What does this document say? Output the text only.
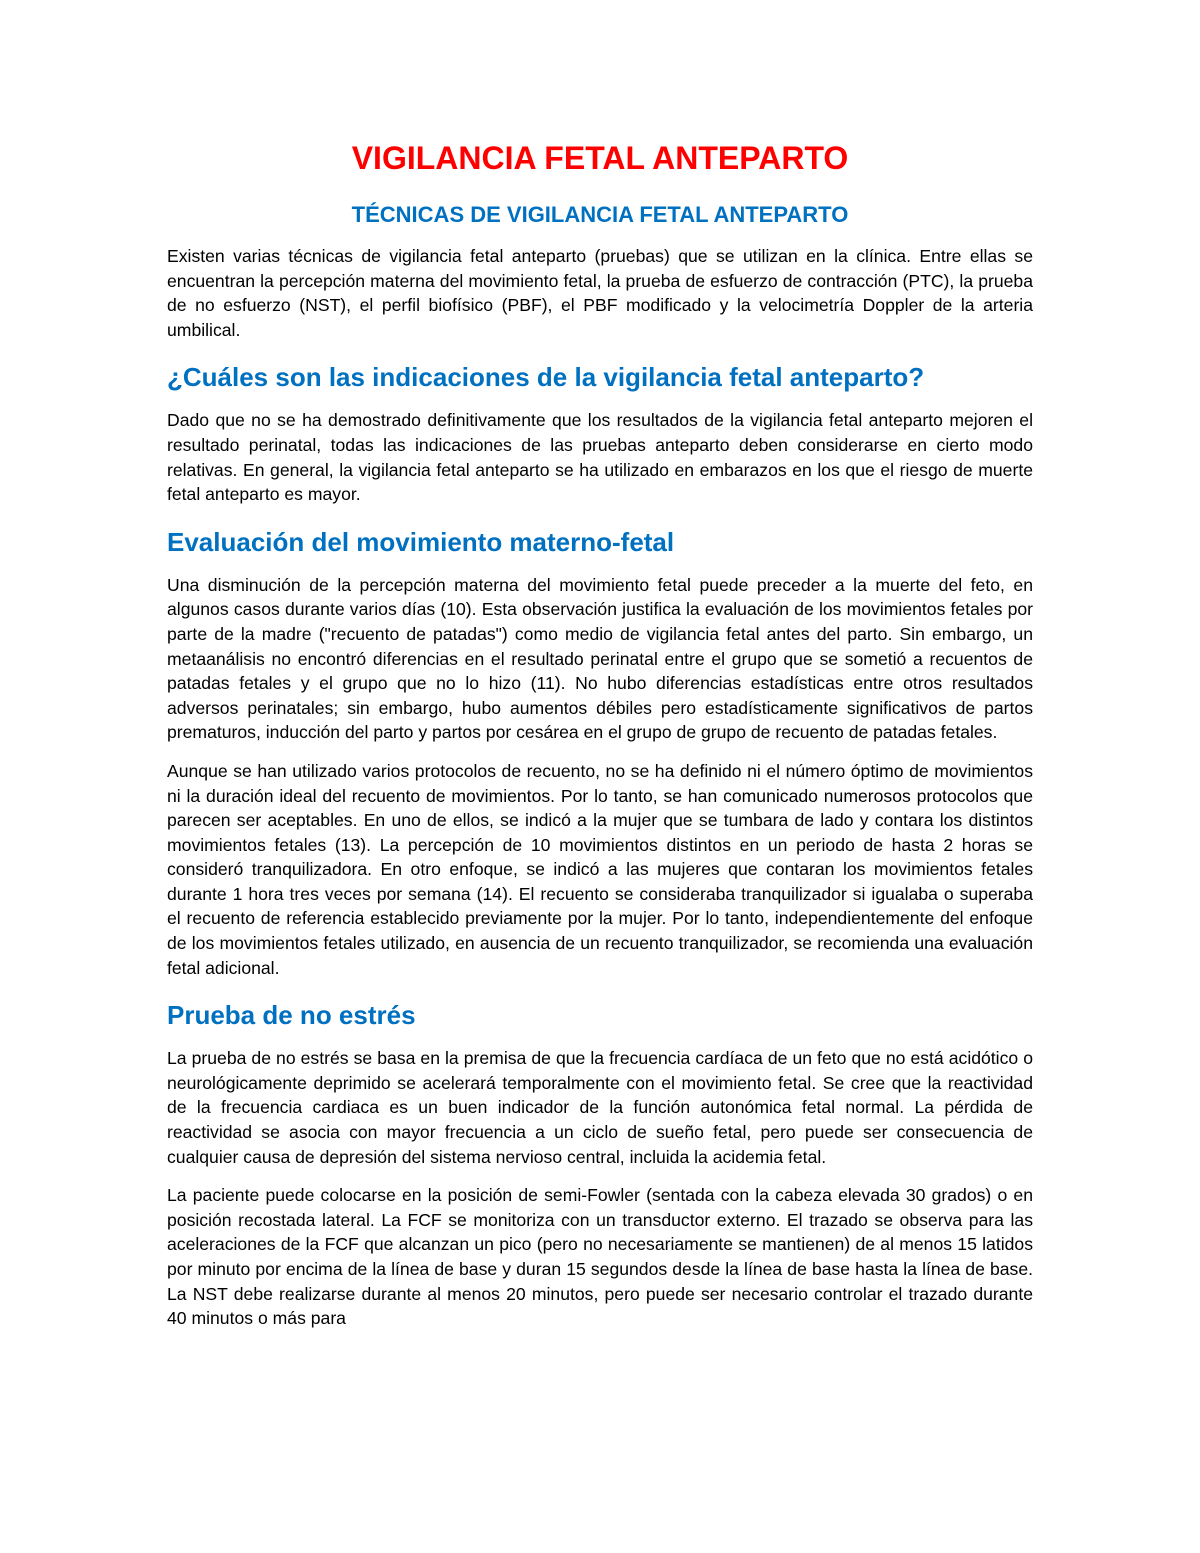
VIGILANCIA FETAL ANTEPARTO
TÉCNICAS DE VIGILANCIA FETAL ANTEPARTO

Existen varias técnicas de vigilancia fetal anteparto (pruebas) que se utilizan en la clínica. Entre ellas se encuentran la percepción materna del movimiento fetal, la prueba de esfuerzo de contracción (PTC), la prueba de no esfuerzo (NST), el perfil biofísico (PBF), el PBF modificado y la velocimetría Doppler de la arteria umbilical.

¿Cuáles son las indicaciones de la vigilancia fetal anteparto?

Dado que no se ha demostrado definitivamente que los resultados de la vigilancia fetal anteparto mejoren el resultado perinatal, todas las indicaciones de las pruebas anteparto deben considerarse en cierto modo relativas. En general, la vigilancia fetal anteparto se ha utilizado en embarazos en los que el riesgo de muerte fetal anteparto es mayor.

Evaluación del movimiento materno-fetal

Una disminución de la percepción materna del movimiento fetal puede preceder a la muerte del feto, en algunos casos durante varios días (10). Esta observación justifica la evaluación de los movimientos fetales por parte de la madre ("recuento de patadas") como medio de vigilancia fetal antes del parto. Sin embargo, un metaanálisis no encontró diferencias en el resultado perinatal entre el grupo que se sometió a recuentos de patadas fetales y el grupo que no lo hizo (11). No hubo diferencias estadísticas entre otros resultados adversos perinatales; sin embargo, hubo aumentos débiles pero estadísticamente significativos de partos prematuros, inducción del parto y partos por cesárea en el grupo de grupo de recuento de patadas fetales.

Aunque se han utilizado varios protocolos de recuento, no se ha definido ni el número óptimo de movimientos ni la duración ideal del recuento de movimientos. Por lo tanto, se han comunicado numerosos protocolos que parecen ser aceptables. En uno de ellos, se indicó a la mujer que se tumbara de lado y contara los distintos movimientos fetales (13). La percepción de 10 movimientos distintos en un periodo de hasta 2 horas se consideró tranquilizadora. En otro enfoque, se indicó a las mujeres que contaran los movimientos fetales durante 1 hora tres veces por semana (14). El recuento se consideraba tranquilizador si igualaba o superaba el recuento de referencia establecido previamente por la mujer. Por lo tanto, independientemente del enfoque de los movimientos fetales utilizado, en ausencia de un recuento tranquilizador, se recomienda una evaluación fetal adicional.

Prueba de no estrés

La prueba de no estrés se basa en la premisa de que la frecuencia cardíaca de un feto que no está acidótico o neurológicamente deprimido se acelerará temporalmente con el movimiento fetal. Se cree que la reactividad de la frecuencia cardiaca es un buen indicador de la función autonómica fetal normal. La pérdida de reactividad se asocia con mayor frecuencia a un ciclo de sueño fetal, pero puede ser consecuencia de cualquier causa de depresión del sistema nervioso central, incluida la acidemia fetal.

La paciente puede colocarse en la posición de semi-Fowler (sentada con la cabeza elevada 30 grados) o en posición recostada lateral. La FCF se monitoriza con un transductor externo. El trazado se observa para las aceleraciones de la FCF que alcanzan un pico (pero no necesariamente se mantienen) de al menos 15 latidos por minuto por encima de la línea de base y duran 15 segundos desde la línea de base hasta la línea de base. La NST debe realizarse durante al menos 20 minutos, pero puede ser necesario controlar el trazado durante 40 minutos o más para
